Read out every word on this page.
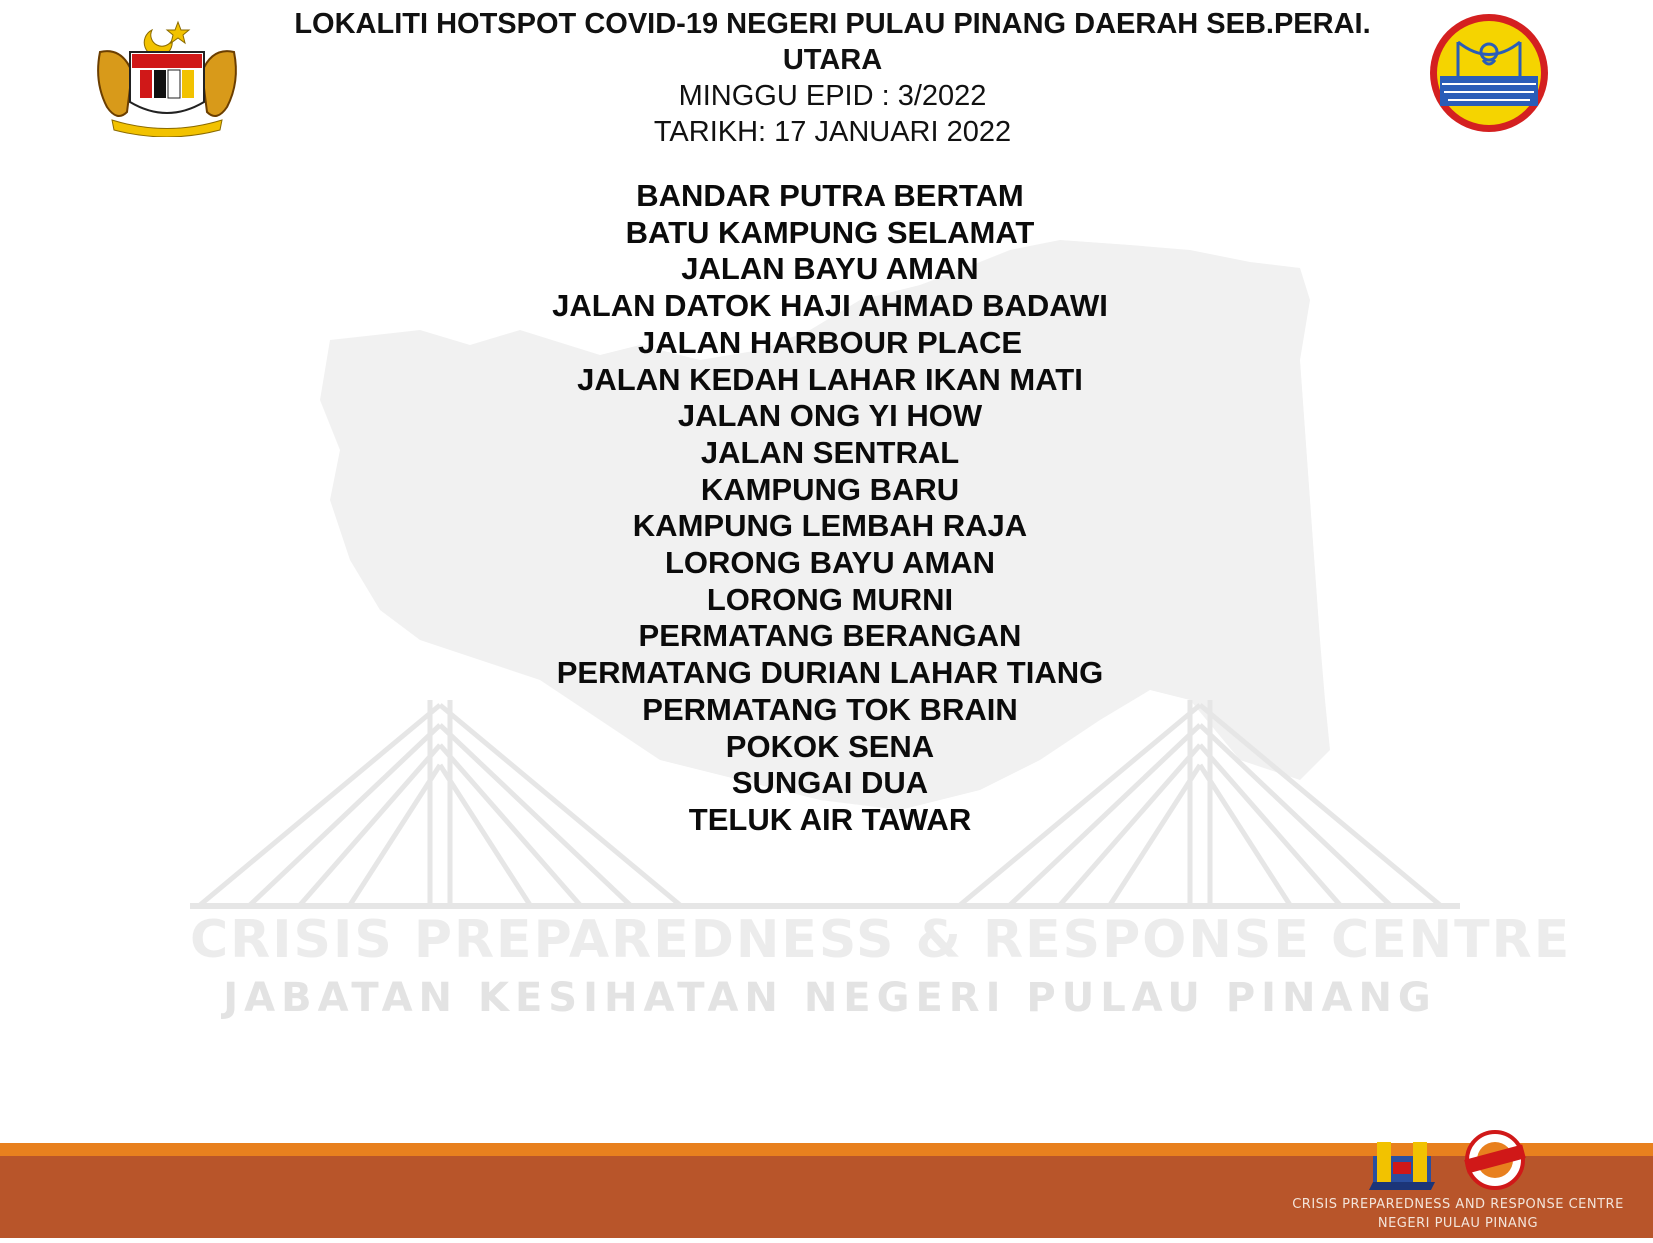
CRISIS PREPAREDNESS & RESPONSE CENTRE
JABATAN KESIHATAN NEGERI PULAU PINANG
LOKALITI HOTSPOT COVID-19 NEGERI PULAU PINANG DAERAH SEB.PERAI. UTARA
MINGGU EPID : 3/2022
TARIKH: 17 JANUARI 2022
BANDAR PUTRA BERTAM
BATU KAMPUNG SELAMAT
JALAN BAYU AMAN
JALAN DATOK HAJI AHMAD BADAWI
JALAN HARBOUR PLACE
JALAN KEDAH LAHAR IKAN MATI
JALAN ONG YI HOW
JALAN SENTRAL
KAMPUNG BARU
KAMPUNG LEMBAH RAJA
LORONG BAYU AMAN
LORONG MURNI
PERMATANG BERANGAN
PERMATANG DURIAN LAHAR TIANG
PERMATANG TOK BRAIN
POKOK SENA
SUNGAI DUA
TELUK AIR TAWAR
CRISIS PREPAREDNESS AND RESPONSE CENTRE
NEGERI PULAU PINANG
